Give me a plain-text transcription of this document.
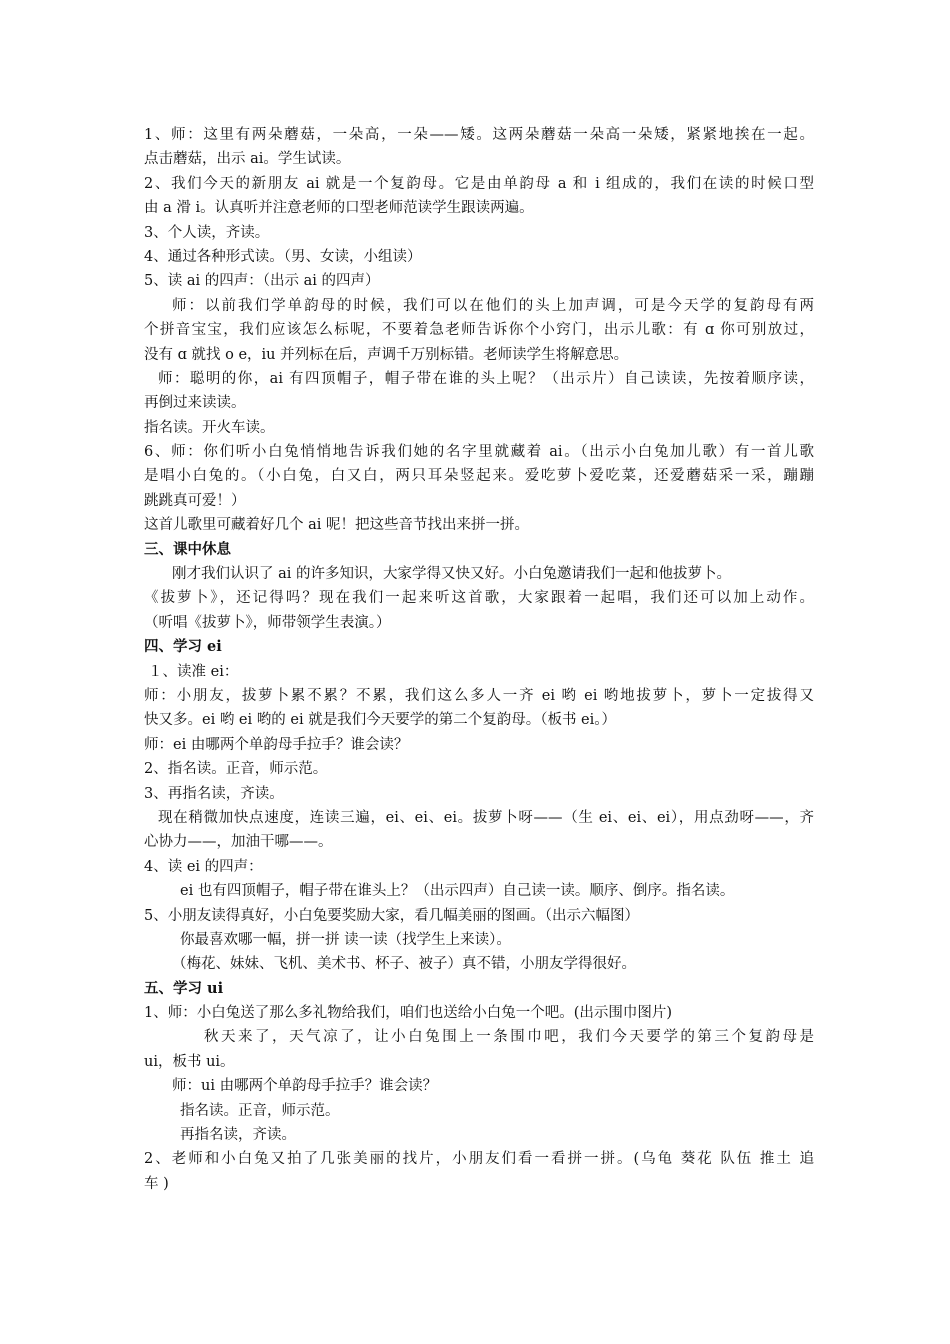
1、师：这里有两朵蘑菇，一朵高，一朵——矮。这两朵蘑菇一朵高一朵矮，紧紧地挨在一起。
点击蘑菇，出示 ai。学生试读。
2、我们今天的新朋友 ai 就是一个复韵母。它是由单韵母 a 和 i 组成的，我们在读的时候口型
由 a 滑 i。认真听并注意老师的口型老师范读学生跟读两遍。
3、个人读，齐读。
4、通过各种形式读。（男、女读，小组读）
5、读 ai 的四声：（出示 ai 的四声）
师：以前我们学单韵母的时候，我们可以在他们的头上加声调，可是今天学的复韵母有两
个拼音宝宝，我们应该怎么标呢，不要着急老师告诉你个小窍门，出示儿歌：有 ɑ 你可别放过，
没有 ɑ 就找 o e，iu 并列标在后，声调千万别标错。老师读学生将解意思。
师：聪明的你，ai 有四顶帽子，帽子带在谁的头上呢？（出示片）自己读读，先按着顺序读，
再倒过来读读。
指名读。开火车读。
6、师：你们听小白兔悄悄地告诉我们她的名字里就藏着 ai。（出示小白兔加儿歌）有一首儿歌
是唱小白兔的。（小白兔，白又白，两只耳朵竖起来。爱吃萝卜爱吃菜，还爱蘑菇采一采，蹦蹦
跳跳真可爱！）
这首儿歌里可藏着好几个 ai 呢！把这些音节找出来拼一拼。
三、课中休息
刚才我们认识了 ai 的许多知识，大家学得又快又好。小白兔邀请我们一起和他拔萝卜。
《拔萝卜》，还记得吗？现在我们一起来听这首歌，大家跟着一起唱，我们还可以加上动作。
（听唱《拔萝卜》，师带领学生表演。）
四、学习 ei
１、读准 ei：
师：小朋友，拔萝卜累不累？不累，我们这么多人一齐 ei 哟 ei 哟地拔萝卜，萝卜一定拔得又
快又多。ei 哟 ei 哟的 ei 就是我们今天要学的第二个复韵母。（板书 ei。）
师：ei 由哪两个单韵母手拉手？谁会读？
2、指名读。正音，师示范。
3、再指名读，齐读。
现在稍微加快点速度，连读三遍，ei、ei、ei。拔萝卜呀——（生 ei、ei、ei），用点劲呀——，齐
心协力——，加油干哪——。
4、读 ei 的四声：
ei 也有四顶帽子，帽子带在谁头上？（出示四声）自己读一读。顺序、倒序。指名读。
5、小朋友读得真好，小白兔要奖励大家，看几幅美丽的图画。（出示六幅图）
你最喜欢哪一幅，拼一拼 读一读（找学生上来读）。
（梅花、妹妹、飞机、美术书、杯子、被子）真不错，小朋友学得很好。
五、学习 ui
1、师：小白兔送了那么多礼物给我们，咱们也送给小白兔一个吧。(出示围巾图片)
秋天来了，天气凉了，让小白兔围上一条围巾吧，我们今天要学的第三个复韵母是
ui，板书 ui。
师：ui 由哪两个单韵母手拉手？谁会读？
指名读。正音，师示范。
再指名读，齐读。
2、老师和小白兔又拍了几张美丽的找片，小朋友们看一看拼一拼。(乌龟 葵花 队伍 推土 追
车 )
